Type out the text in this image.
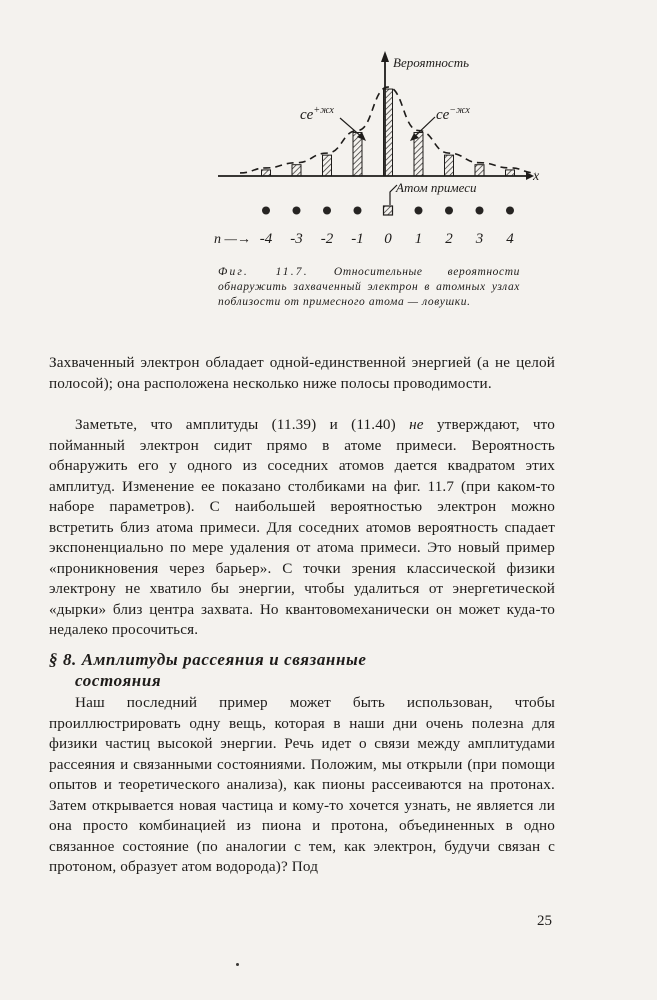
Вероятность
x
$ce^{+жx}$	$ce^{-жx}$
Атом примеси
n —→ -4 -3 -2 -1 0 1 2 3 4

Фиг. 11.7. Относительные вероятности обнаружить захваченный электрон в атомных узлах поблизости от примесного атома — ловушки.

Захваченный электрон обладает одной-единственной энергией (а не целой полосой); она расположена несколько ниже полосы проводимости.

Заметьте, что амплитуды (11.39) и (11.40) не утверждают, что пойманный электрон сидит прямо в атоме примеси. Вероятность обнаружить его у одного из соседних атомов дается квадратом этих амплитуд. Изменение ее показано столбиками на фиг. 11.7 (при каком-то наборе параметров). С наибольшей вероятностью электрон можно встретить близ атома примеси. Для соседних атомов вероятность спадает экспоненциально по мере удаления от атома примеси. Это новый пример «проникновения через барьер». С точки зрения классической физики электрону не хватило бы энергии, чтобы удалиться от энергетической «дырки» близ центра захвата. Но квантовомеханически он может куда-то недалеко просочиться.

§ 8. Амплитуды рассеяния и связанные
состояния

Наш последний пример может быть использован, чтобы проиллюстрировать одну вещь, которая в наши дни очень полезна для физики частиц высокой энергии. Речь идет о связи между амплитудами рассеяния и связанными состояниями. Положим, мы открыли (при помощи опытов и теоретического анализа), как пионы рассеиваются на протонах. Затем открывается новая частица и кому-то хочется узнать, не является ли она просто комбинацией из пиона и протона, объединенных в одно связанное состояние (по аналогии с тем, как электрон, будучи связан с протоном, образует атом водорода)? Под

25
